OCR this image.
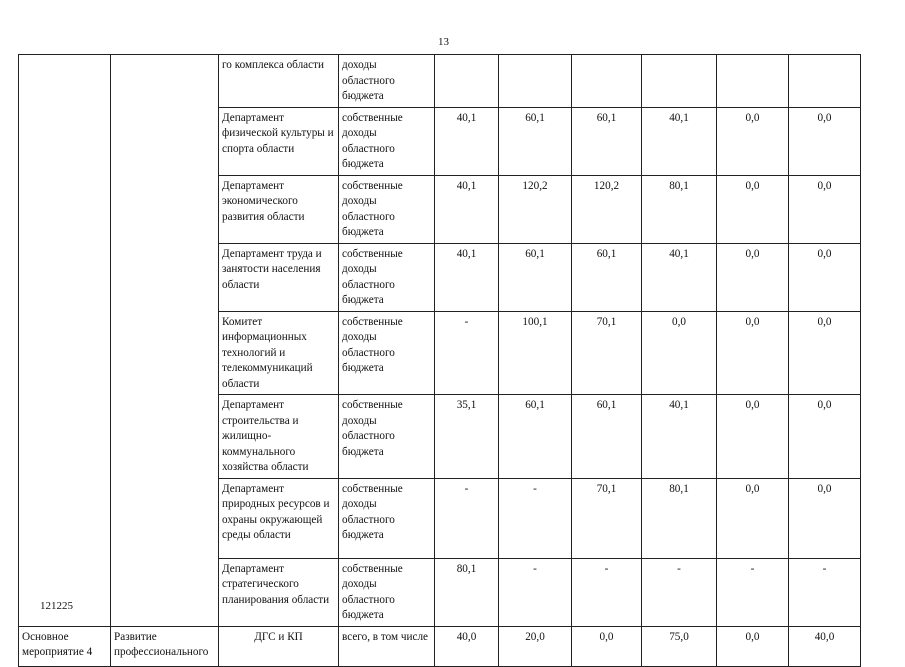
13
		го комплекса области	доходы областного бюджета						
		Департамент физической культуры и спорта области	собственные доходы областного бюджета	40,1	60,1	60,1	40,1	0,0	0,0
		Департамент экономического развития области	собственные доходы областного бюджета	40,1	120,2	120,2	80,1	0,0	0,0
		Департамент труда и занятости населения области	собственные доходы областного бюджета	40,1	60,1	60,1	40,1	0,0	0,0
		Комитет информационных технологий и телекоммуникаций области	собственные доходы областного бюджета	-	100,1	70,1	0,0	0,0	0,0
		Департамент строительства и жилищно-коммунального хозяйства области	собственные доходы областного бюджета	35,1	60,1	60,1	40,1	0,0	0,0
		Департамент природных ресурсов и охраны окружающей среды области	собственные доходы областного бюджета	-	-	70,1	80,1	0,0	0,0
		Департамент стратегического планирования области	собственные доходы областного бюджета	80,1	-	-	-	-	-
Основное мероприятие 4	Развитие профессионального	ДГС и КП	всего, в том числе	40,0	20,0	0,0	75,0	0,0	40,0
121225
